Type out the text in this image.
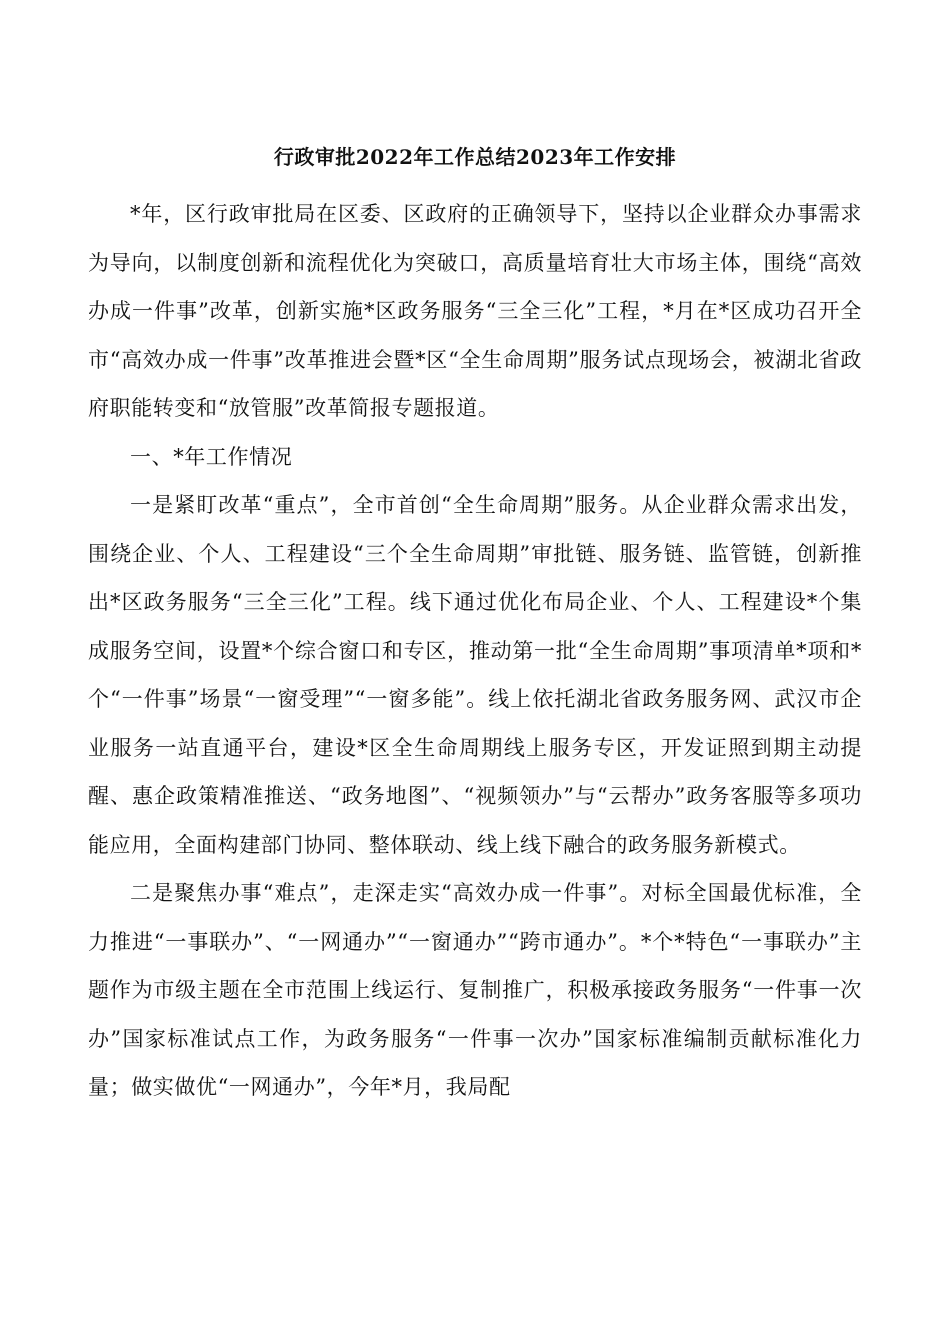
行政审批2022年工作总结2023年工作安排

*年，区行政审批局在区委、区政府的正确领导下，坚持以企业群众办事需求为导向，以制度创新和流程优化为突破口，高质量培育壮大市场主体，围绕“高效办成一件事”改革，创新实施*区政务服务“三全三化”工程，*月在*区成功召开全市“高效办成一件事”改革推进会暨*区“全生命周期”服务试点现场会，被湖北省政府职能转变和“放管服”改革简报专题报道。

一、*年工作情况

一是紧盯改革“重点”，全市首创“全生命周期”服务。从企业群众需求出发，围绕企业、个人、工程建设“三个全生命周期”审批链、服务链、监管链，创新推出*区政务服务“三全三化”工程。线下通过优化布局企业、个人、工程建设*个集成服务空间，设置*个综合窗口和专区，推动第一批“全生命周期”事项清单*项和*个“一件事”场景“一窗受理”“一窗多能”。线上依托湖北省政务服务网、武汉市企业服务一站直通平台，建设*区全生命周期线上服务专区，开发证照到期主动提醒、惠企政策精准推送、“政务地图”、“视频领办”与“云帮办”政务客服等多项功能应用，全面构建部门协同、整体联动、线上线下融合的政务服务新模式。

二是聚焦办事“难点”，走深走实“高效办成一件事”。对标全国最优标准，全力推进“一事联办”、“一网通办”“一窗通办”“跨市通办”。*个*特色“一事联办”主题作为市级主题在全市范围上线运行、复制推广，积极承接政务服务“一件事一次办”国家标准试点工作，为政务服务“一件事一次办”国家标准编制贡献标准化力量；做实做优“一网通办”，今年*月，我局配
